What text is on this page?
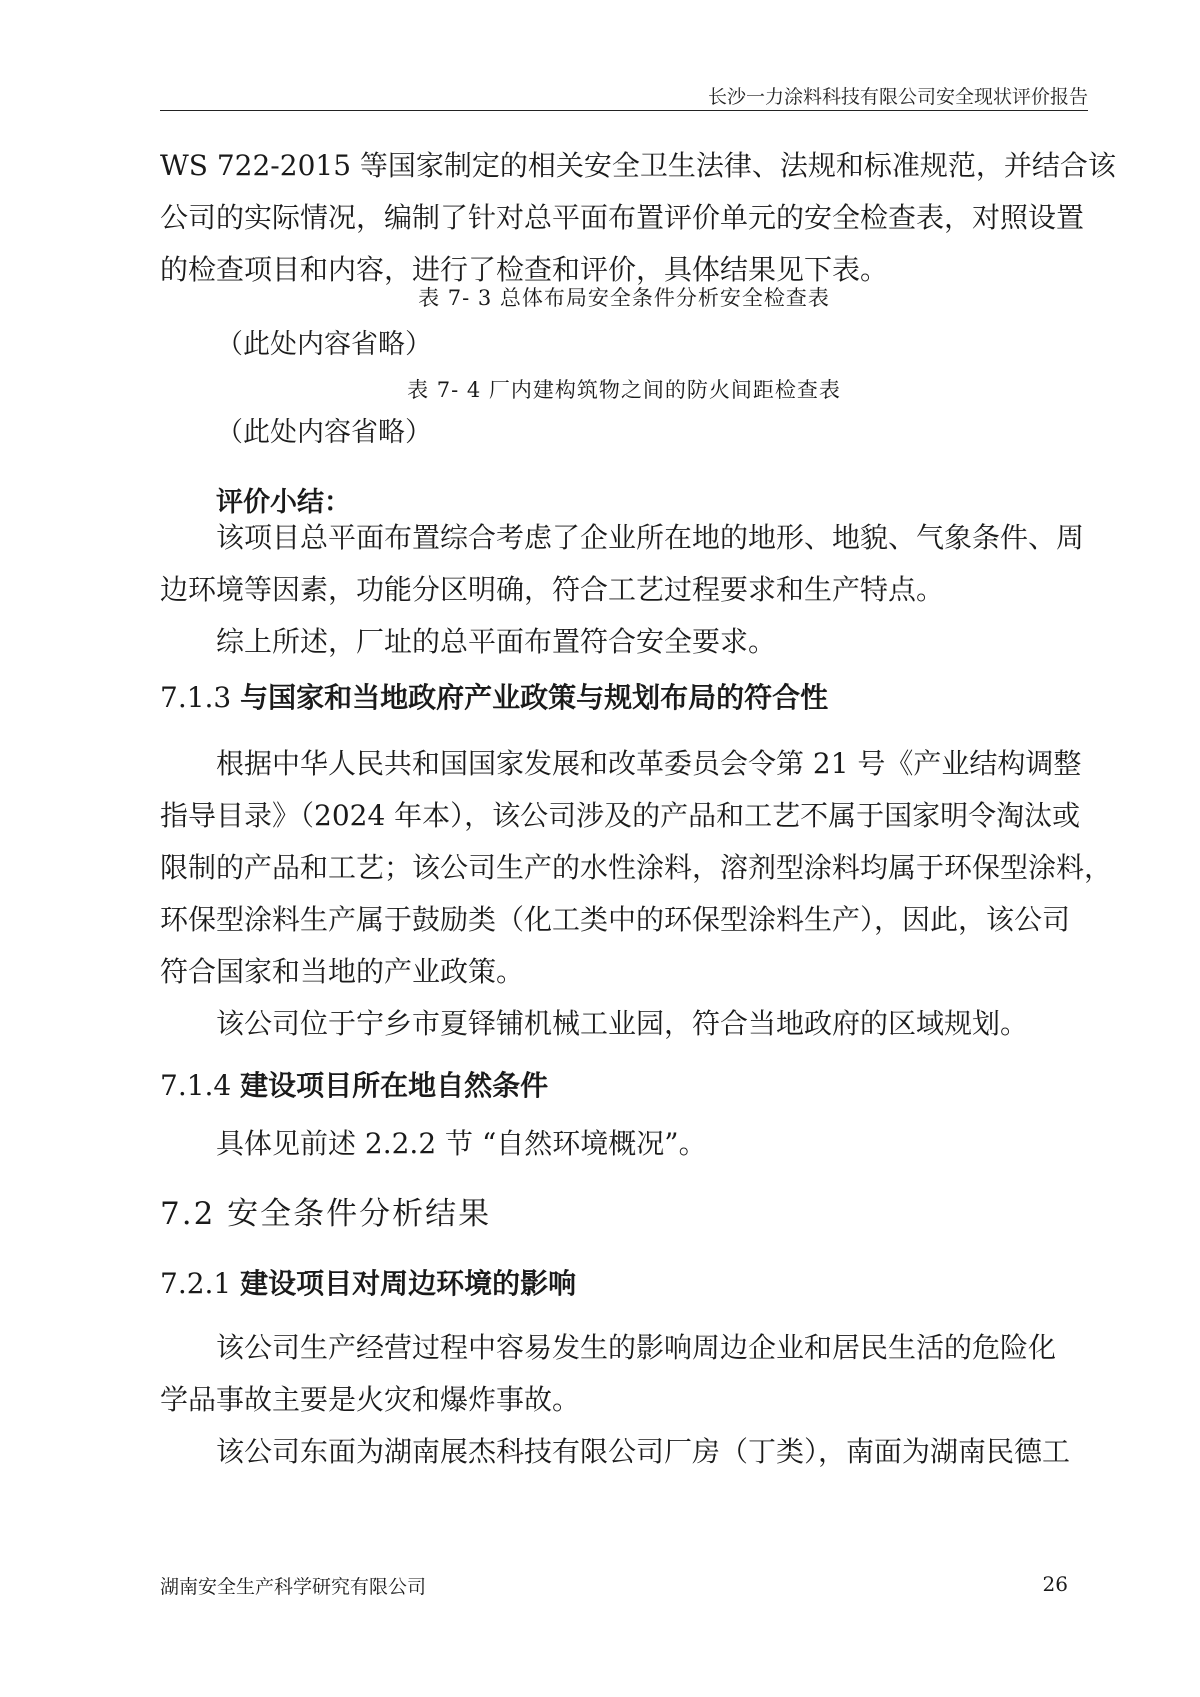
长沙一力涂料科技有限公司安全现状评价报告
WS 722-2015 等国家制定的相关安全卫生法律、法规和标准规范，并结合该
公司的实际情况，编制了针对总平面布置评价单元的安全检查表，对照设置
的检查项目和内容，进行了检查和评价，具体结果见下表。
表 7- 3 总体布局安全条件分析安全检查表
（此处内容省略）
表 7- 4 厂内建构筑物之间的防火间距检查表
（此处内容省略）
评价小结：
该项目总平面布置综合考虑了企业所在地的地形、地貌、气象条件、周
边环境等因素，功能分区明确，符合工艺过程要求和生产特点。
综上所述，厂址的总平面布置符合安全要求。
7.1.3 与国家和当地政府产业政策与规划布局的符合性
根据中华人民共和国国家发展和改革委员会令第 21 号《产业结构调整
指导目录》（2024 年本），该公司涉及的产品和工艺不属于国家明令淘汰或
限制的产品和工艺；该公司生产的水性涂料，溶剂型涂料均属于环保型涂料，
环保型涂料生产属于鼓励类（化工类中的环保型涂料生产），因此，该公司
符合国家和当地的产业政策。
该公司位于宁乡市夏铎铺机械工业园，符合当地政府的区域规划。
7.1.4 建设项目所在地自然条件
具体见前述 2.2.2 节 “自然环境概况”。
7.2 安全条件分析结果
7.2.1 建设项目对周边环境的影响
该公司生产经营过程中容易发生的影响周边企业和居民生活的危险化
学品事故主要是火灾和爆炸事故。
该公司东面为湖南展杰科技有限公司厂房（丁类），南面为湖南民德工
湖南安全生产科学研究有限公司	26
